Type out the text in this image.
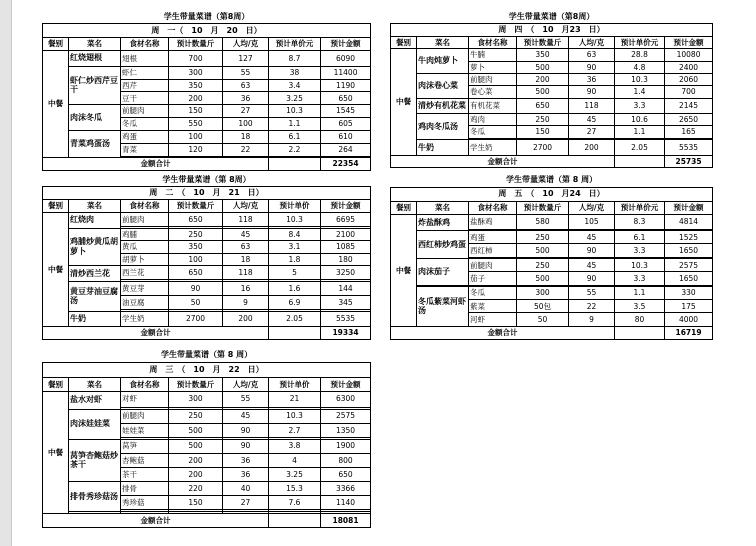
学生带量菜谱（第8周）						
周　一（　10　月　20　日）						
餐别	菜名	食材名称	预计数量斤	人均/克	预计单价元	预计金额
中餐	红烧翅根	翅根	700	127	8.7	6090
	虾仁炒西芹豆干	虾仁	300	55	38	11400
		西芹	350	63	3.4	1190
		豆干	200	36	3.25	650
	肉沫冬瓜	前腿肉	150	27	10.3	1545
		冬瓜	550	100	1.1	605
	青菜鸡蛋汤	鸡蛋	100	18	6.1	610
		青菜	120	22	2.2	264

金额合计						22354
学生带量菜谱（第8周）						
周　四　（　10　月23　日）						
餐别	菜名	食材名称	预计数量斤	人均/克	预计单价元	预计金额
中餐	牛肉炖萝卜	牛腩	350	63	28.8	10080
		萝卜	500	90	4.8	2400
	肉沫卷心菜	前腿肉	200	36	10.3	2060
		卷心菜	500	90	1.4	700
	清炒有机花菜	有机花菜	650	118	3.3	2145
	鸡肉冬瓜汤	鸡肉	250	45	10.6	2650
		冬瓜	150	27	1.1	165

	牛奶	学生奶	2700	200	2.05	5535
金额合计						25735
学生带量菜谱（第 8周）						
周　二　（　10　月　21　日）						
餐别	菜名	食材名称	预计数量斤	人均/克	预计单价	预计金额
中餐	红烧肉	前腿肉	650	118	10.3	6695

	鸡脯炒黄瓜胡萝卜	鸡脯	250	45	8.4	2100
		黄瓜	350	63	3.1	1085
		胡萝卜	100	18	1.8	180
	清炒西兰花	西兰花	650	118	5	3250

	黄豆芽油豆腐汤	黄豆芽	90	16	1.6	144
		油豆腐	50	9	6.9	345

	牛奶	学生奶	2700	200	2.05	5535
金额合计						19334
学生带量菜谱（第 8 周）						
周　五　（　10　月24　日）						
餐别	菜名	食材名称	预计数量斤	人均/克	预计单价元	预计金额
中餐	炸盐酥鸡	盐酥鸡	580	105	8.3	4814

	西红柿炒鸡蛋	鸡蛋	250	45	6.1	1525
		西红柿	500	90	3.3	1650

	肉沫茄子	前腿肉	250	45	10.3	2575
		茄子	500	90	3.3	1650

	冬瓜紫菜河虾汤	冬瓜	300	55	1.1	330
		紫菜	50包	22	3.5	175
		河虾	50	9	80	4000
金额合计						16719
学生带量菜谱（第 8 周）						
周　三　（　10　月　22　日）						
餐别	菜名	食材名称	预计数量斤	人均/克	预计单价	预计金额
中餐	盐水对虾	对虾	300	55	21	6300

	肉沫娃娃菜	前腿肉	250	45	10.3	2575
		娃娃菜	500	90	2.7	1350

	莴笋杏鲍菇炒茶干	莴笋	500	90	3.8	1900
		杏鲍菇	200	36	4	800
		茶干	200	36	3.25	650
	排骨秀珍菇汤	排骨	220	40	15.3	3366
		秀珍菇	150	27	7.6	1140

金额合计						18081
